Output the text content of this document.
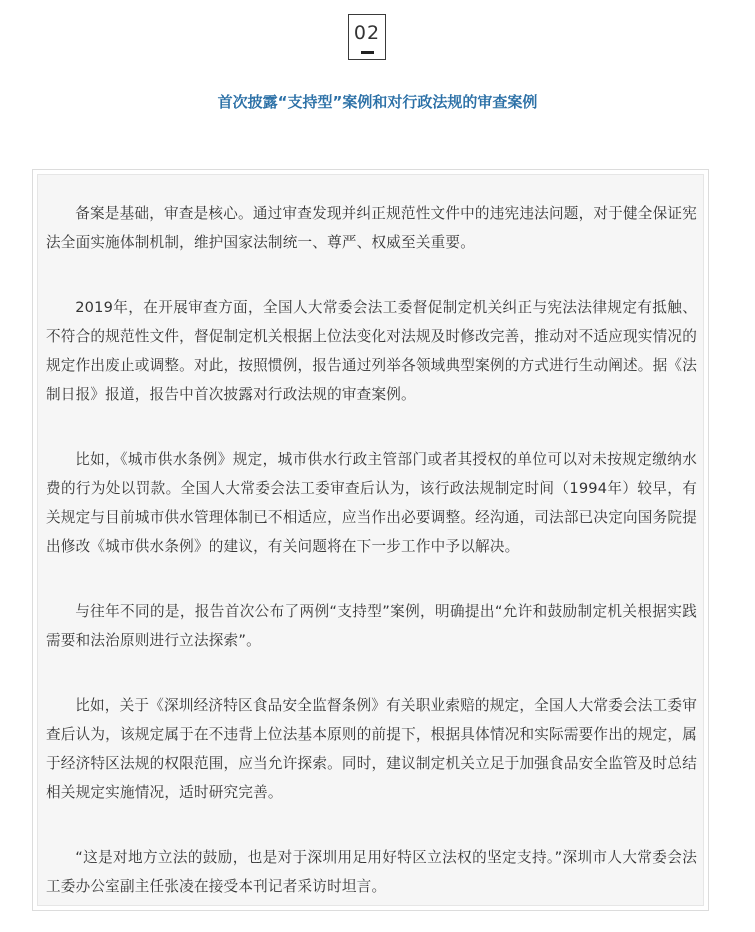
02
首次披露“支持型”案例和对行政法规的审查案例

备案是基础，审查是核心。通过审查发现并纠正规范性文件中的违宪违法问题，对于健全保证宪法全面实施体制机制，维护国家法制统一、尊严、权威至关重要。

2019年，在开展审查方面，全国人大常委会法工委督促制定机关纠正与宪法法律规定有抵触、不符合的规范性文件，督促制定机关根据上位法变化对法规及时修改完善，推动对不适应现实情况的规定作出废止或调整。对此，按照惯例，报告通过列举各领域典型案例的方式进行生动阐述。据《法制日报》报道，报告中首次披露对行政法规的审查案例。

比如，《城市供水条例》规定，城市供水行政主管部门或者其授权的单位可以对未按规定缴纳水费的行为处以罚款。全国人大常委会法工委审查后认为，该行政法规制定时间（1994年）较早，有关规定与目前城市供水管理体制已不相适应，应当作出必要调整。经沟通，司法部已决定向国务院提出修改《城市供水条例》的建议，有关问题将在下一步工作中予以解决。

与往年不同的是，报告首次公布了两例“支持型”案例，明确提出“允许和鼓励制定机关根据实践需要和法治原则进行立法探索”。

比如，关于《深圳经济特区食品安全监督条例》有关职业索赔的规定，全国人大常委会法工委审查后认为，该规定属于在不违背上位法基本原则的前提下，根据具体情况和实际需要作出的规定，属于经济特区法规的权限范围，应当允许探索。同时，建议制定机关立足于加强食品安全监管及时总结相关规定实施情况，适时研究完善。

“这是对地方立法的鼓励，也是对于深圳用足用好特区立法权的坚定支持。”深圳市人大常委会法工委办公室副主任张凌在接受本刊记者采访时坦言。
